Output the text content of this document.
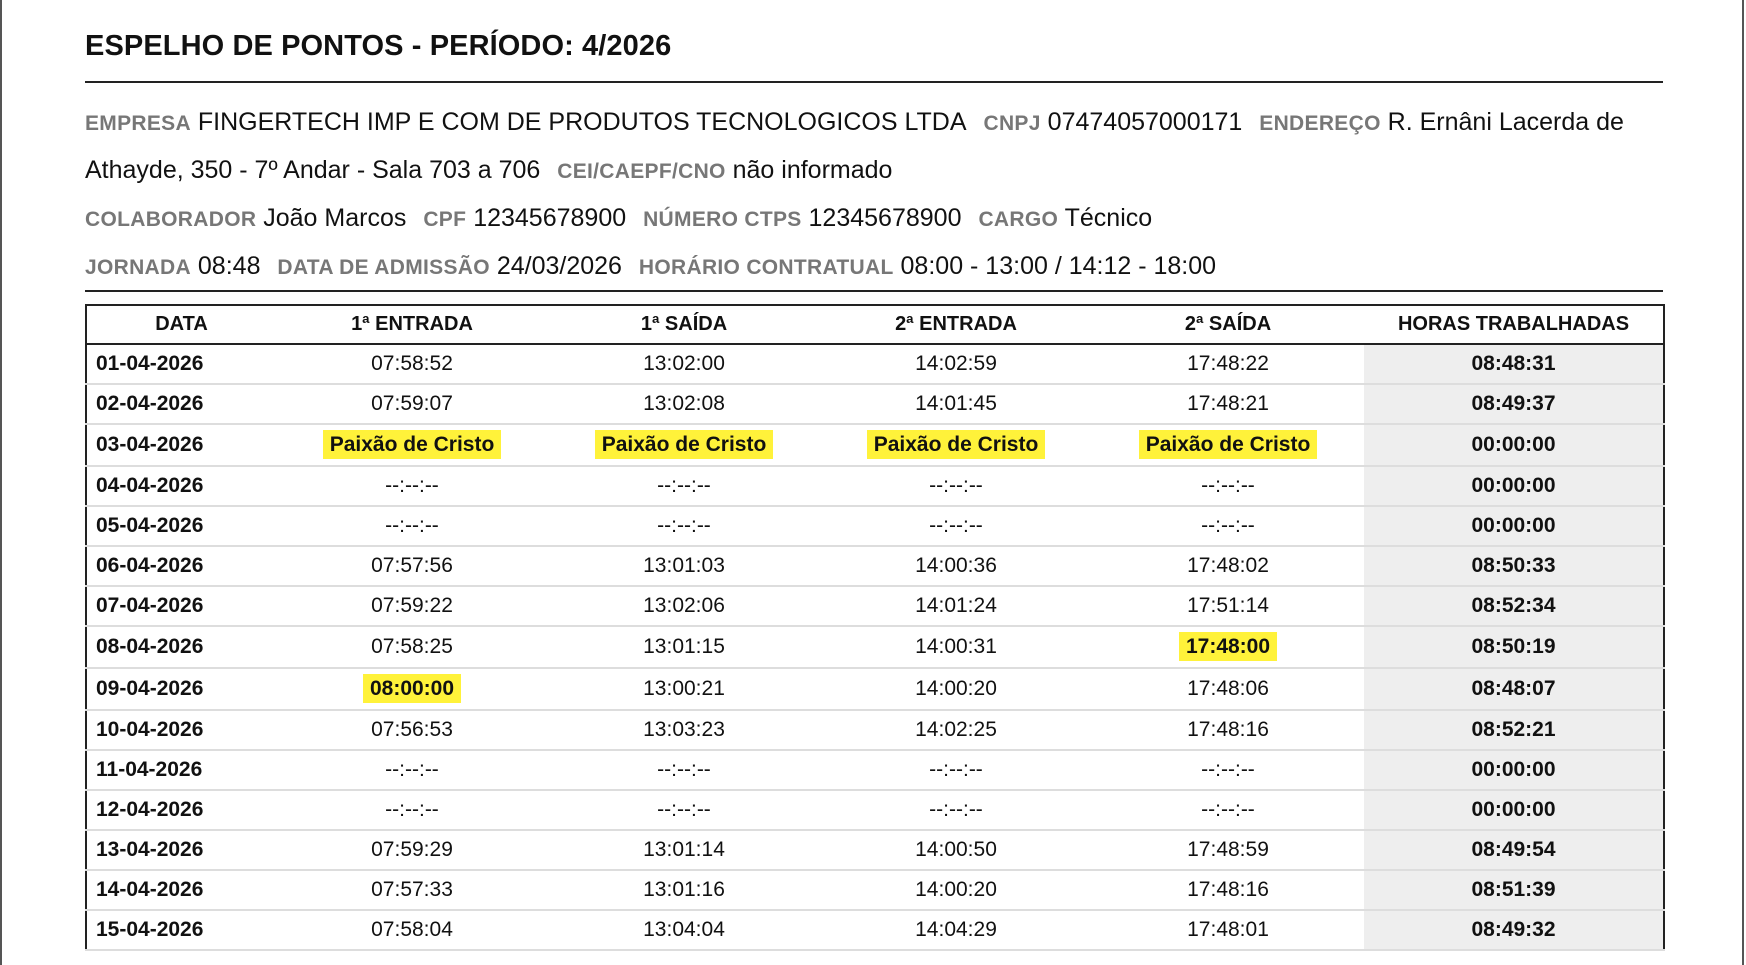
ESPELHO DE PONTOS - PERÍODO: 4/2026
EMPRESA FINGERTECH IMP E COM DE PRODUTOS TECNOLOGICOS LTDA CNPJ 07474057000171 ENDEREÇO R. Ernâni Lacerda de Athayde, 350 - 7º Andar - Sala 703 a 706 CEI/CAEPF/CNO não informado
COLABORADOR João Marcos CPF 12345678900 NÚMERO CTPS 12345678900 CARGO Técnico
JORNADA 08:48 DATA DE ADMISSÃO 24/03/2026 HORÁRIO CONTRATUAL 08:00 - 13:00 / 14:12 - 18:00
DATA	1ª ENTRADA	1ª SAÍDA	2ª ENTRADA	2ª SAÍDA	HORAS TRABALHADAS
01-04-2026	07:58:52	13:02:00	14:02:59	17:48:22	08:48:31
02-04-2026	07:59:07	13:02:08	14:01:45	17:48:21	08:49:37
03-04-2026	Paixão de Cristo	Paixão de Cristo	Paixão de Cristo	Paixão de Cristo	00:00:00
04-04-2026	--:--:--	--:--:--	--:--:--	--:--:--	00:00:00
05-04-2026	--:--:--	--:--:--	--:--:--	--:--:--	00:00:00
06-04-2026	07:57:56	13:01:03	14:00:36	17:48:02	08:50:33
07-04-2026	07:59:22	13:02:06	14:01:24	17:51:14	08:52:34
08-04-2026	07:58:25	13:01:15	14:00:31	17:48:00	08:50:19
09-04-2026	08:00:00	13:00:21	14:00:20	17:48:06	08:48:07
10-04-2026	07:56:53	13:03:23	14:02:25	17:48:16	08:52:21
11-04-2026	--:--:--	--:--:--	--:--:--	--:--:--	00:00:00
12-04-2026	--:--:--	--:--:--	--:--:--	--:--:--	00:00:00
13-04-2026	07:59:29	13:01:14	14:00:50	17:48:59	08:49:54
14-04-2026	07:57:33	13:01:16	14:00:20	17:48:16	08:51:39
15-04-2026	07:58:04	13:04:04	14:04:29	17:48:01	08:49:32
